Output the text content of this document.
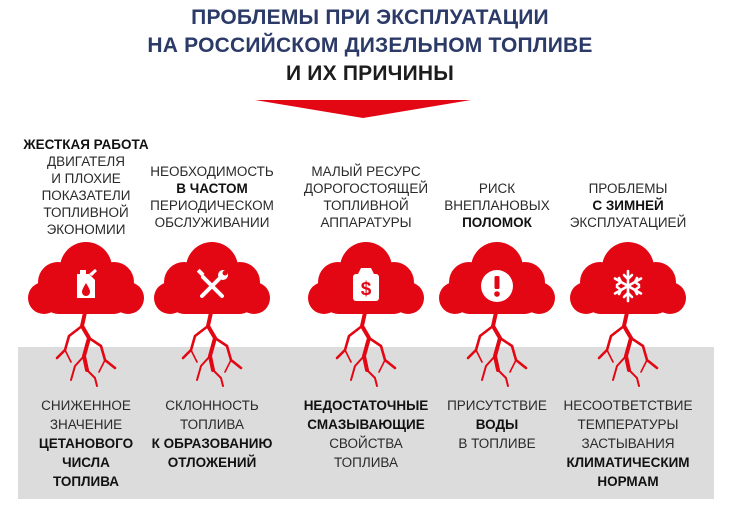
ПРОБЛЕМЫ ПРИ ЭКСПЛУАТАЦИИ
НА РОССИЙСКОМ ДИЗЕЛЬНОМ ТОПЛИВЕ
И ИХ ПРИЧИНЫ
ЖЕСТКАЯ РАБОТА
ДВИГАТЕЛЯ
И ПЛОХИЕ
ПОКАЗАТЕЛИ
ТОПЛИВНОЙ
ЭКОНОМИИ
СНИЖЕННОЕ
ЗНАЧЕНИЕ
ЦЕТАНОВОГО
ЧИСЛА
ТОПЛИВА
НЕОБХОДИМОСТЬ
В ЧАСТОМ
ПЕРИОДИЧЕСКОМ
ОБСЛУЖИВАНИИ
СКЛОННОСТЬ
ТОПЛИВА
К ОБРАЗОВАНИЮ
ОТЛОЖЕНИЙ
МАЛЫЙ РЕСУРС
ДОРОГОСТОЯЩЕЙ
ТОПЛИВНОЙ
АППАРАТУРЫ
$
НЕДОСТАТОЧНЫЕ
СМАЗЫВАЮЩИЕ
СВОЙСТВА
ТОПЛИВА
РИСК
ВНЕПЛАНОВЫХ
ПОЛОМОК
ПРИСУТСТВИЕ
ВОДЫ
В ТОПЛИВЕ
ПРОБЛЕМЫ
С ЗИМНЕЙ
ЭКСПЛУАТАЦИЕЙ
НЕСООТВЕТСТВИЕ
ТЕМПЕРАТУРЫ
ЗАСТЫВАНИЯ
КЛИМАТИЧЕСКИМ
НОРМАМ
